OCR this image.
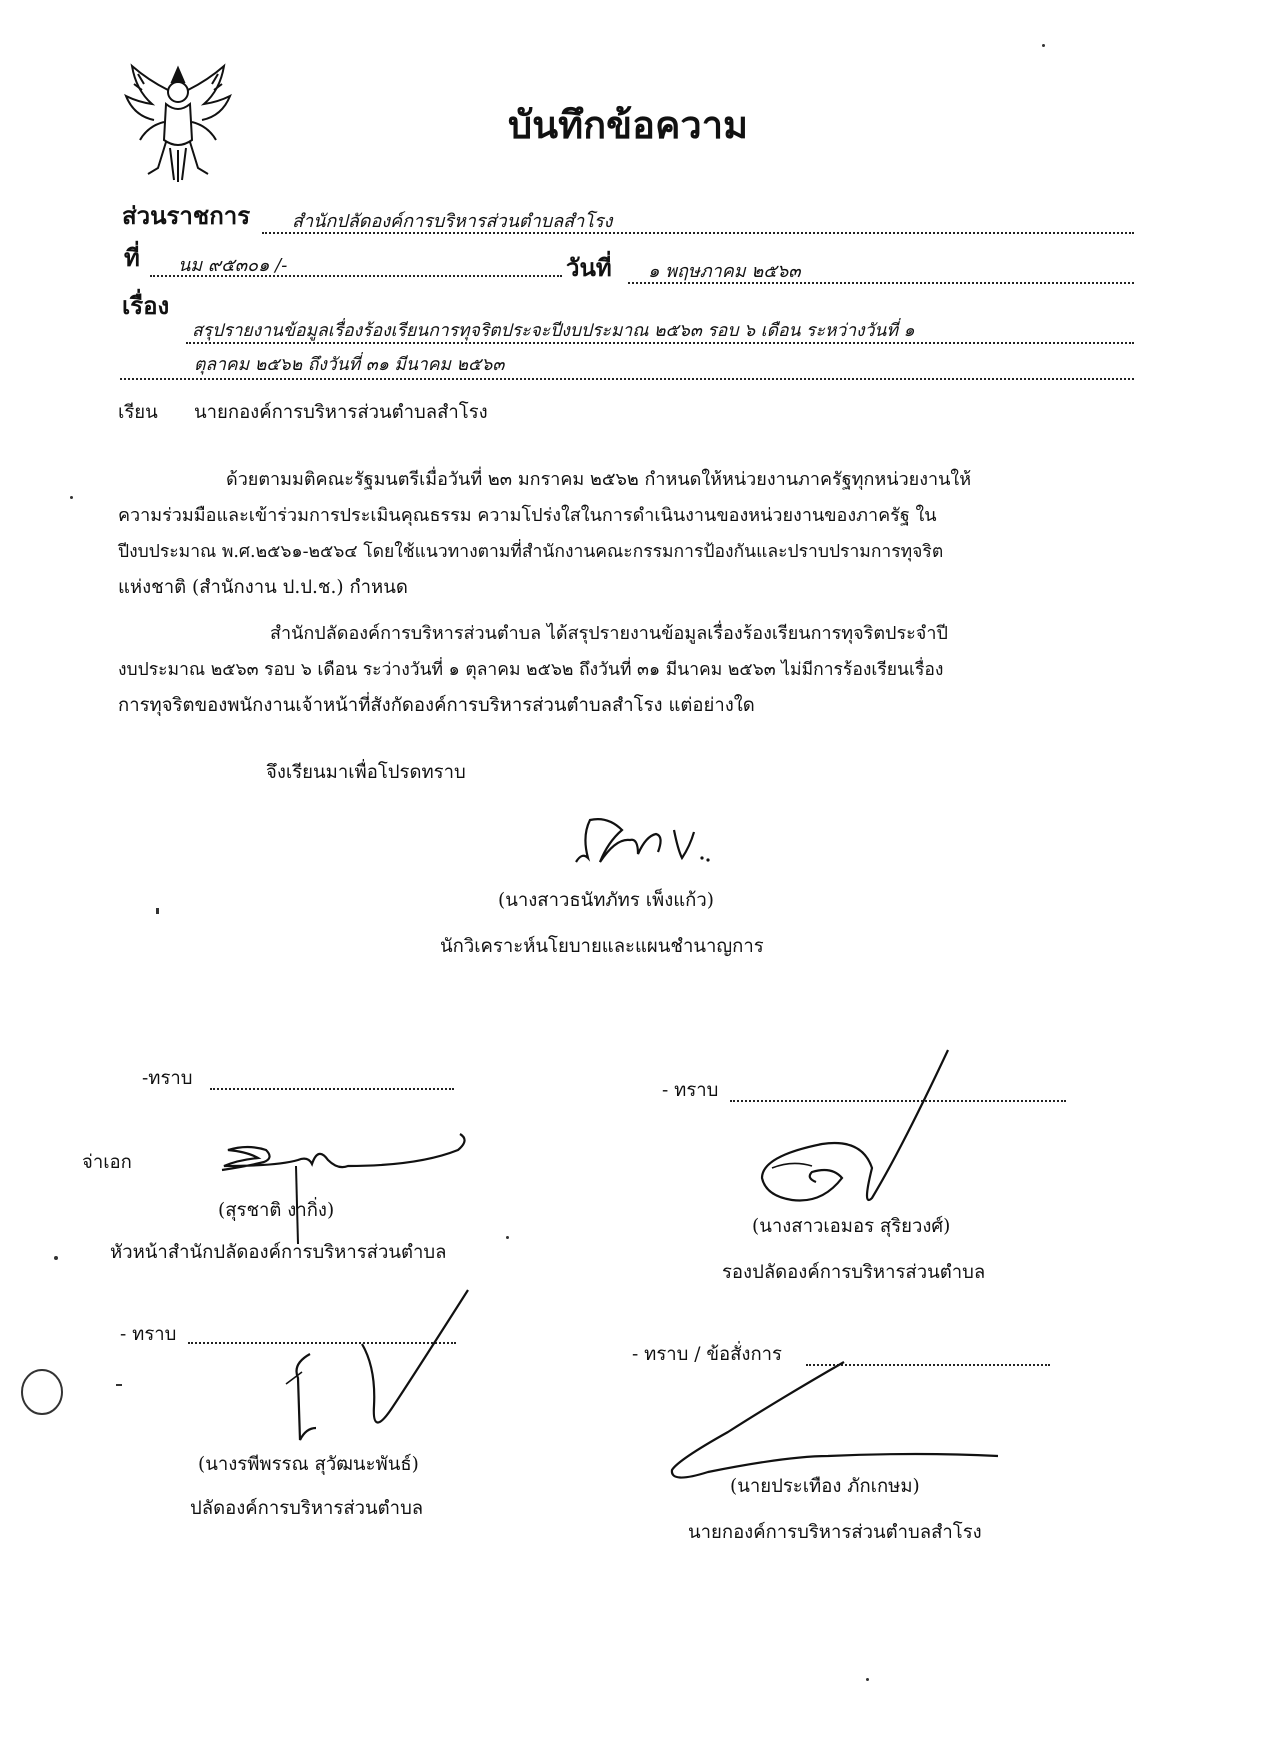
บันทึกข้อความ
ส่วนราชการ สำนักปลัดองค์การบริหารส่วนตำบลสำโรง
ที่ นม ๙๕๓๐๑ /-	วันที่ ๑ พฤษภาคม ๒๕๖๓
เรื่อง
สรุปรายงานข้อมูลเรื่องร้องเรียนการทุจริตประจะปีงบประมาณ ๒๕๖๓ รอบ ๖ เดือน ระหว่างวันที่ ๑
ตุลาคม ๒๕๖๒ ถึงวันที่ ๓๑ มีนาคม ๒๕๖๓
เรียน นายกองค์การบริหารส่วนตำบลสำโรง
ด้วยตามมติคณะรัฐมนตรีเมื่อวันที่ ๒๓ มกราคม ๒๕๖๒ กำหนดให้หน่วยงานภาครัฐทุกหน่วยงานให้
ความร่วมมือและเข้าร่วมการประเมินคุณธรรม ความโปร่งใสในการดำเนินงานของหน่วยงานของภาครัฐ ใน
ปีงบประมาณ พ.ศ.๒๕๖๑-๒๕๖๔ โดยใช้แนวทางตามที่สำนักงานคณะกรรมการป้องกันและปราบปรามการทุจริต
แห่งชาติ (สำนักงาน ป.ป.ช.) กำหนด
สำนักปลัดองค์การบริหารส่วนตำบล ได้สรุปรายงานข้อมูลเรื่องร้องเรียนการทุจริตประจำปี
งบประมาณ ๒๕๖๓ รอบ ๖ เดือน ระว่างวันที่ ๑ ตุลาคม ๒๕๖๒ ถึงวันที่ ๓๑ มีนาคม ๒๕๖๓ ไม่มีการร้องเรียนเรื่อง
การทุจริตของพนักงานเจ้าหน้าที่สังกัดองค์การบริหารส่วนตำบลสำโรง แต่อย่างใด
จึงเรียนมาเพื่อโปรดทราบ
(นางสาวธนัทภัทร เพ็งแก้ว)
นักวิเคราะห์นโยบายและแผนชำนาญการ
-ทราบ
จ่าเอก
(สุรชาติ งากิ่ง)
หัวหน้าสำนักปลัดองค์การบริหารส่วนตำบล
- ทราบ
(นางสาวเอมอร สุริยวงศ์)
รองปลัดองค์การบริหารส่วนตำบล
- ทราบ
(นางรพีพรรณ สุวัฒนะพันธ์)
ปลัดองค์การบริหารส่วนตำบล
- ทราบ / ข้อสั่งการ
(นายประเทือง ภักเกษม)
นายกองค์การบริหารส่วนตำบลสำโรง
